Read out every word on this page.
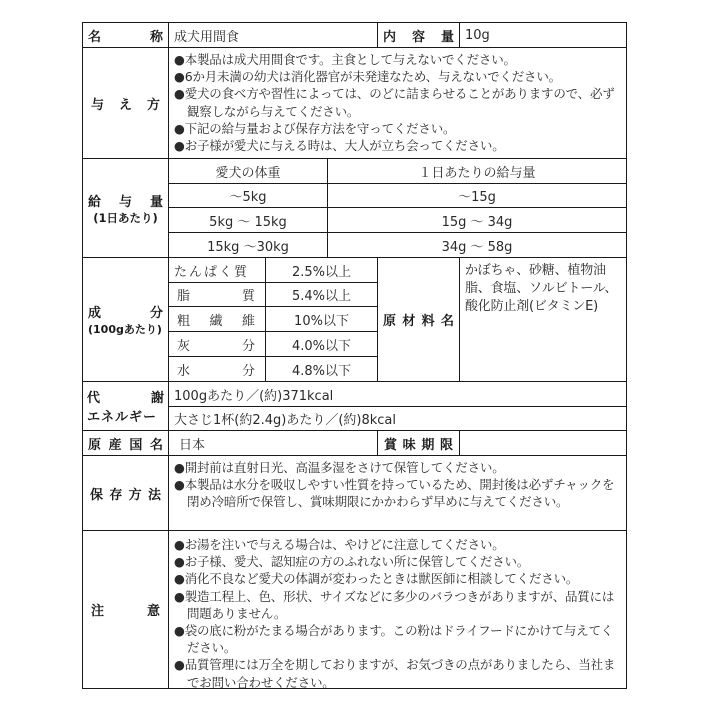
名	称 成犬用間食	内 容 量 10g
与 え 方
●本製品は成犬用間食です。主食として与えないでください。
●6か月未満の幼犬は消化器官が未発達なため、与えないでください。
●愛犬の食べ方や習性によっては、のどに詰まらせることがありますので、必ず観察しながら与えてください。
●下記の給与量および保存方法を守ってください。
●お子様が愛犬に与える時は、大人が立ち会ってください。
給 与 量
(1日あたり)
愛犬の体重	１日あたりの給与量
～5kg	～15g
5kg ～ 15kg	15g ～ 34g
15kg ～30kg	34g ～ 58g
成	分
(100gあたり)
たんぱく質	2.5%以上
脂	質	5.4%以上
粗 繊 維	10%以下
灰	分	4.0%以下
水	分	4.8%以下
原 材 料 名
かぼちゃ、砂糖、植物油脂、食塩、ソルビトール、酸化防止剤(ビタミンE)
代	謝
エネルギー
100gあたり／(約)371kcal
大さじ1杯(約2.4g)あたり／(約)8kcal
原 産 国 名	日本	賞 味 期 限
保 存 方 法
●開封前は直射日光、高温多湿をさけて保管してください。
●本製品は水分を吸収しやすい性質を持っているため、開封後は必ずチャックを閉め冷暗所で保管し、賞味期限にかかわらず早めに与えてください。
注	意
●お湯を注いで与える場合は、やけどに注意してください。
●お子様、愛犬、認知症の方のふれない所に保管してください。
●消化不良など愛犬の体調が変わったときは獣医師に相談してください。
●製造工程上、色、形状、サイズなどに多少のバラつきがありますが、品質には問題ありません。
●袋の底に粉がたまる場合があります。この粉はドライフードにかけて与えてください。
●品質管理には万全を期しておりますが、お気づきの点がありましたら、当社までお問い合わせください。
